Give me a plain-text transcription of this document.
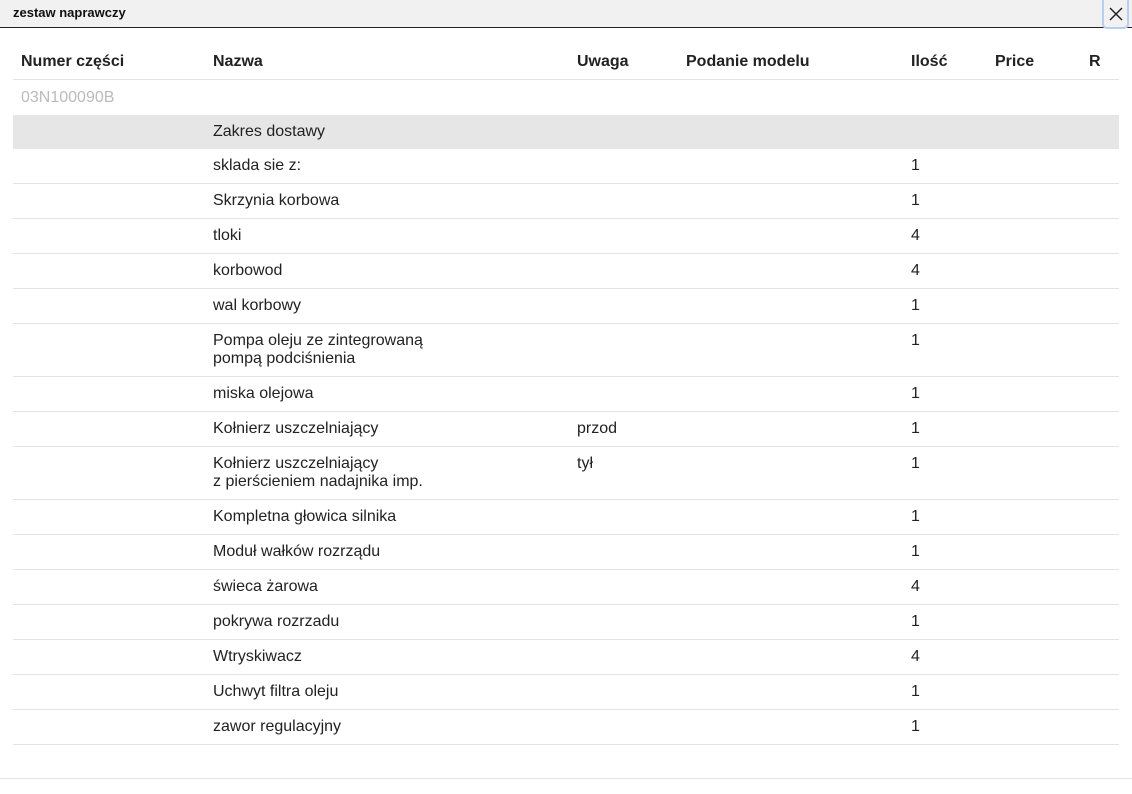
zestaw naprawczy
Numer części	Nazwa	Uwaga	Podanie modelu	Ilość	Price	R
03N100090B						
	Zakres dostawy					

	sklada sie z:			1		

	Skrzynia korbowa			1		

	tloki			4		

	korbowod			4		

	wal korbowy			1		

	Pompa oleju ze zintegrowaną
pompą podciśnienia			1		

	miska olejowa			1		

	Kołnierz uszczelniający	przod		1		

	Kołnierz uszczelniający
z pierścieniem nadajnika imp.	tył		1		

	Kompletna głowica silnika			1		

	Moduł wałków rozrządu			1		

	świeca żarowa			4		

	pokrywa rozrzadu			1		

	Wtryskiwacz			4		

	Uchwyt filtra oleju			1		

	zawor regulacyjny			1		
